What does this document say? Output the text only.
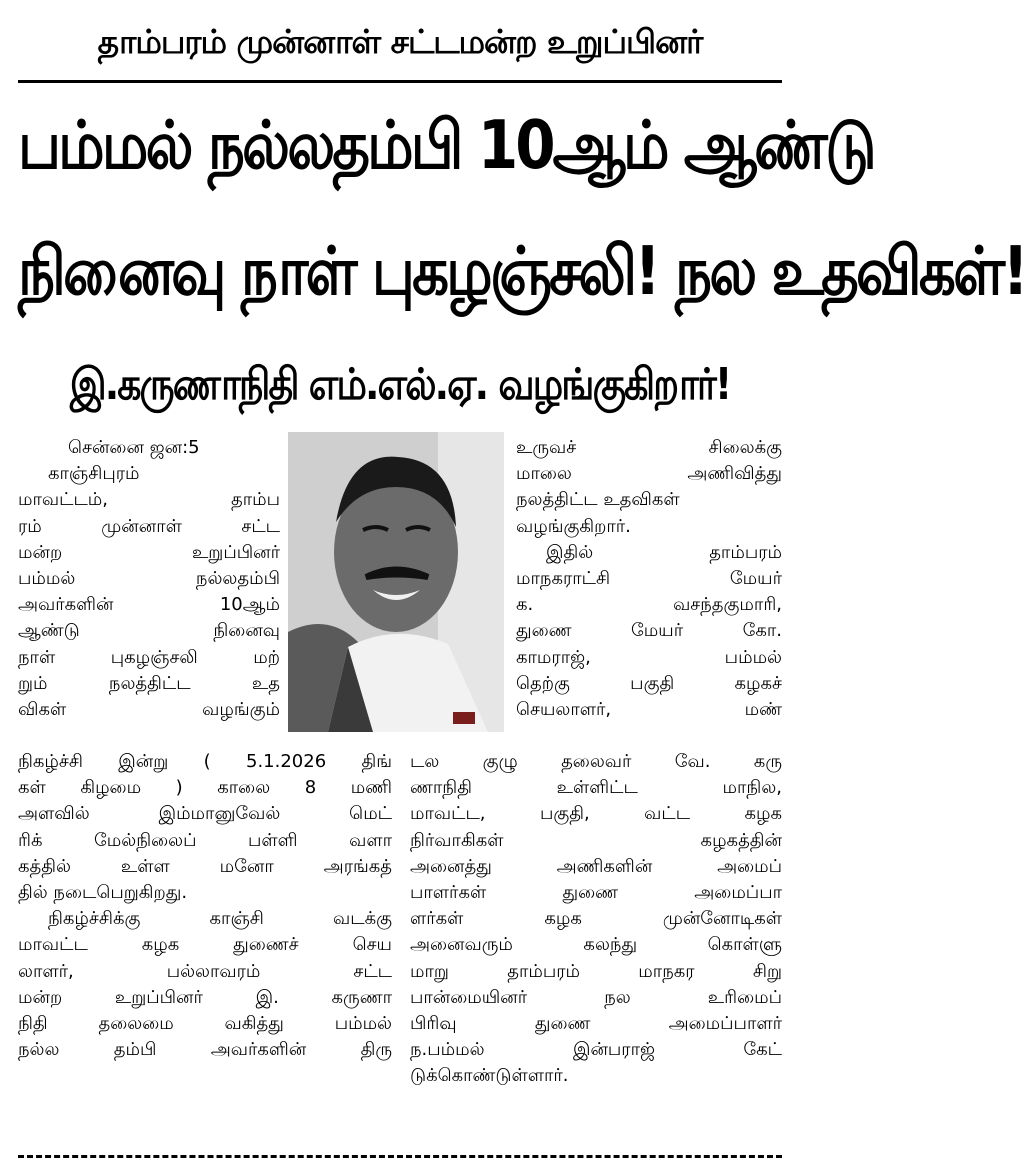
தாம்பரம் முன்னாள் சட்டமன்ற உறுப்பினர்
பம்மல் நல்லதம்பி 10ஆம் ஆண்டு
நினைவு நாள் புகழஞ்சலி! நல உதவிகள்!
இ.கருணாநிதி எம்.எல்.ஏ. வழங்குகிறார்!
சென்னை ஜன:5
காஞ்சிபுரம்
மாவட்டம், தாம்ப
ரம் முன்னாள் சட்ட
மன்ற உறுப்பினர்
பம்மல் நல்லதம்பி
அவர்களின் 10ஆம்
ஆண்டு நினைவு
நாள் புகழஞ்சலி மற்
றும் நலத்திட்ட உத
விகள் வழங்கும்
நிகழ்ச்சி இன்று ( 5.1.2026 திங்
கள் கிழமை ) காலை 8 மணி
அளவில் இம்மானுவேல் மெட்
ரிக் மேல்நிலைப் பள்ளி வளா
கத்தில் உள்ள மனோ அரங்கத்
தில் நடைபெறுகிறது.
நிகழ்ச்சிக்கு காஞ்சி வடக்கு
மாவட்ட கழக துணைச் செய
லாளர், பல்லாவரம் சட்ட
மன்ற உறுப்பினர் இ. கருணா
நிதி தலைமை வகித்து பம்மல்
நல்ல தம்பி அவர்களின் திரு
உருவச் சிலைக்கு
மாலை அணிவித்து
நலத்திட்ட உதவிகள்
வழங்குகிறார்.
இதில் தாம்பரம்
மாநகராட்சி மேயர்
க. வசந்தகுமாரி,
துணை மேயர் கோ.
காமராஜ், பம்மல்
தெற்கு பகுதி கழகச்
செயலாளர், மண்
டல குழு தலைவர் வே. கரு
ணாநிதி உள்ளிட்ட மாநில,
மாவட்ட, பகுதி, வட்ட கழக
நிர்வாகிகள் கழகத்தின்
அனைத்து அணிகளின் அமைப்
பாளர்கள் துணை அமைப்பா
ளர்கள் கழக முன்னோடிகள்
அனைவரும் கலந்து கொள்ளு
மாறு தாம்பரம் மாநகர சிறு
பான்மையினர் நல உரிமைப்
பிரிவு துணை அமைப்பாளர்
ந.பம்மல் இன்பராஜ் கேட்
டுக்கொண்டுள்ளார்.
